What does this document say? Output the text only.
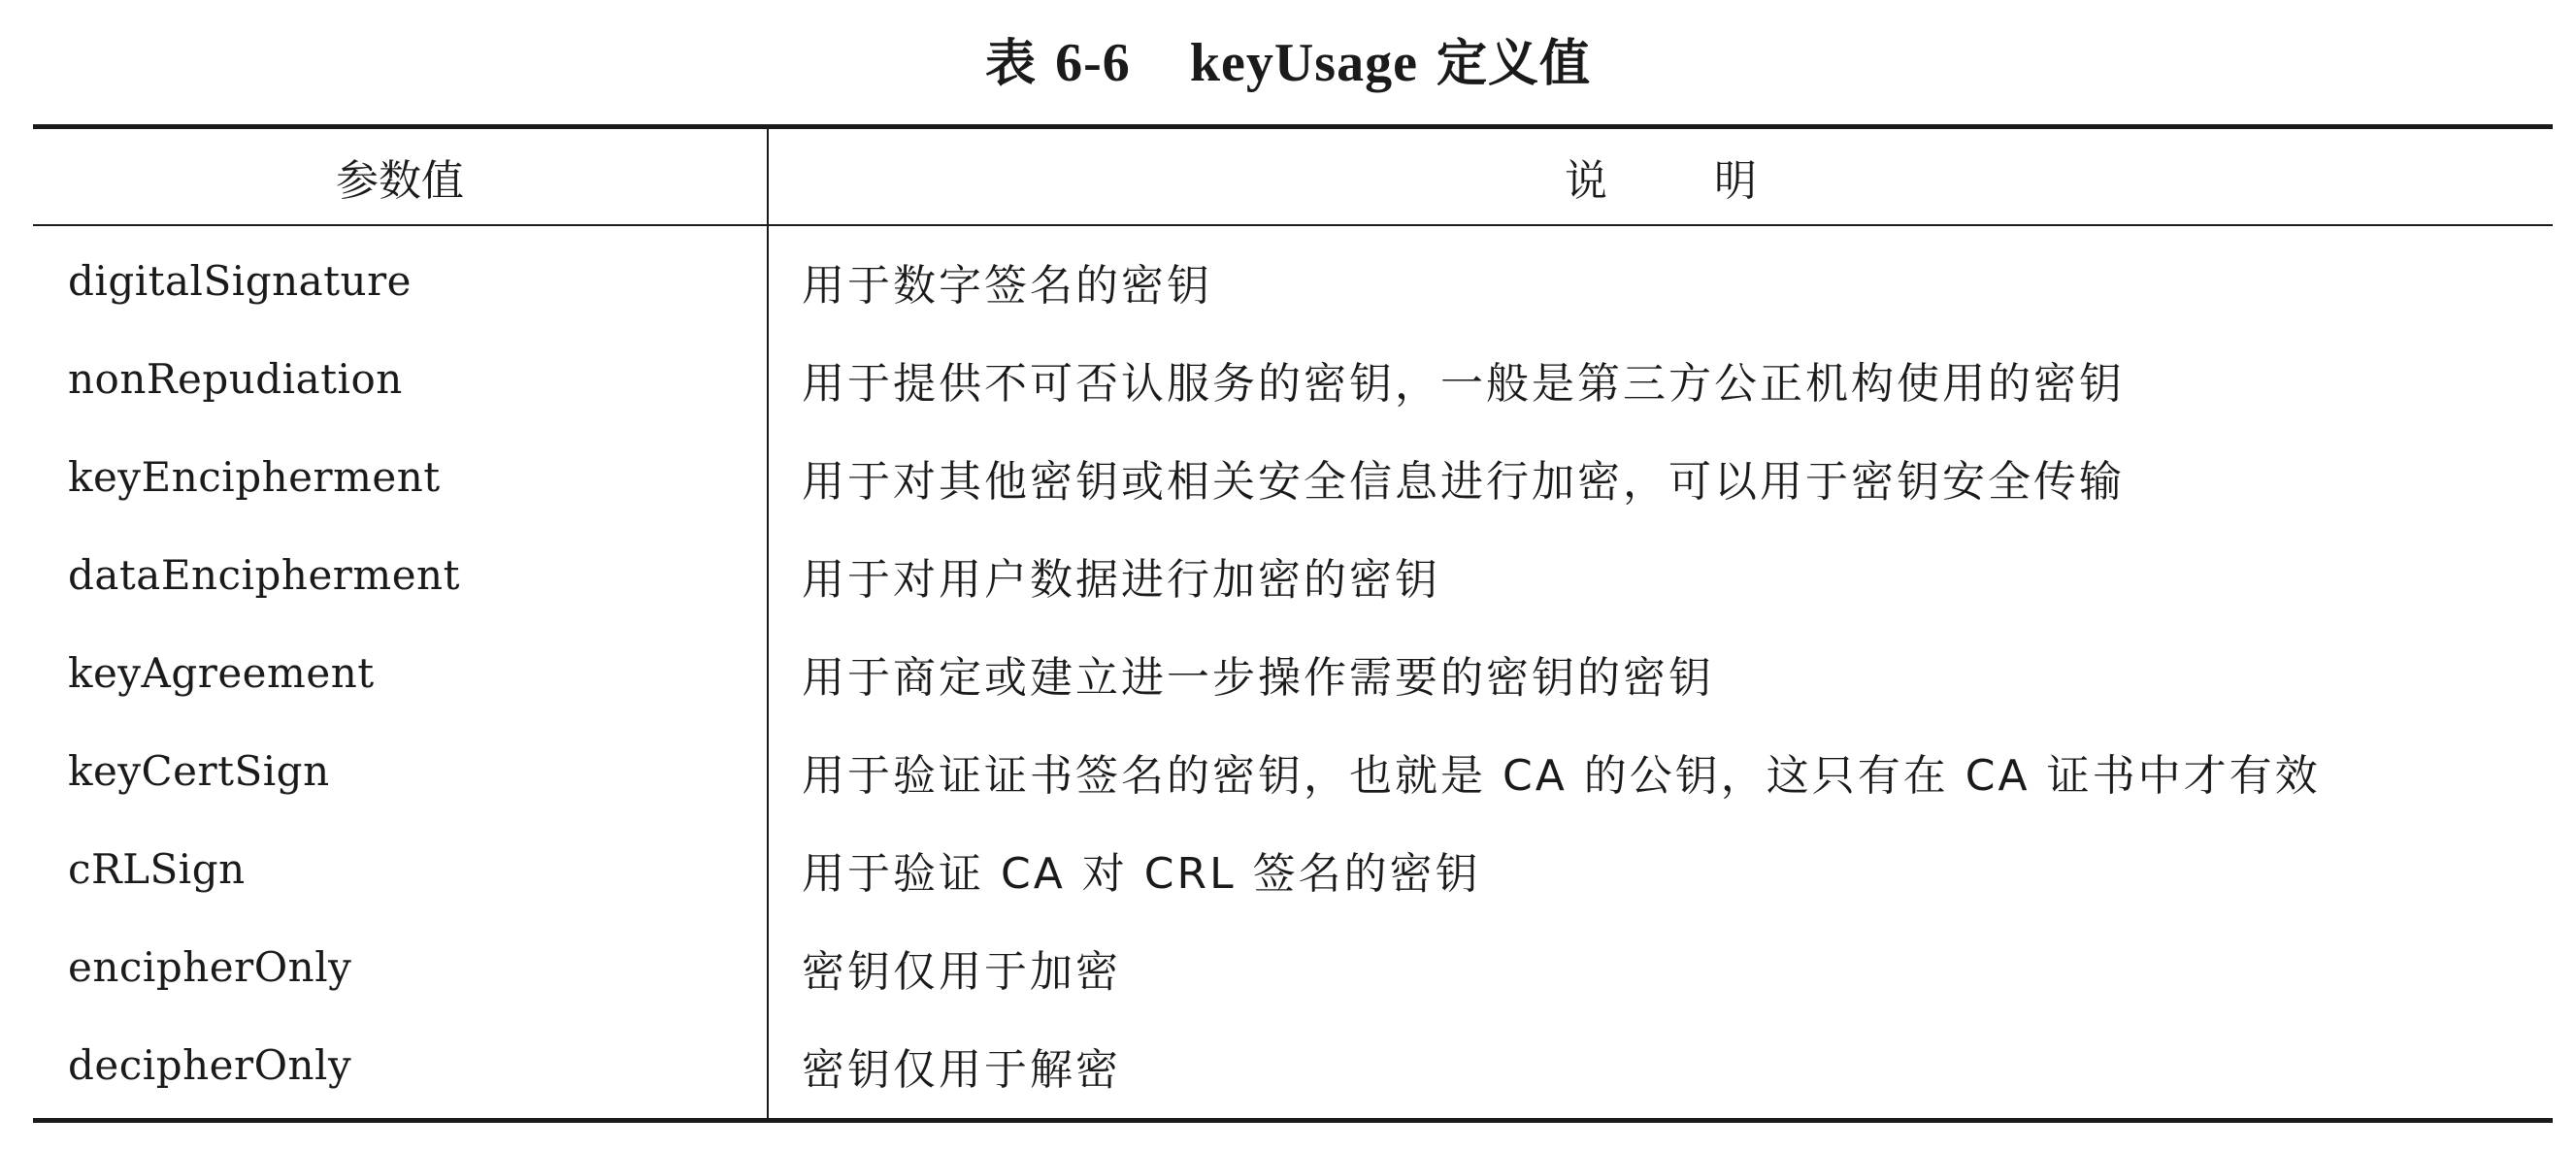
表 6-6 keyUsage 定义值
参数值	说明
digitalSignature	用于数字签名的密钥
nonRepudiation	用于提供不可否认服务的密钥，一般是第三方公正机构使用的密钥
keyEncipherment	用于对其他密钥或相关安全信息进行加密，可以用于密钥安全传输
dataEncipherment	用于对用户数据进行加密的密钥
keyAgreement	用于商定或建立进一步操作需要的密钥的密钥
keyCertSign	用于验证证书签名的密钥，也就是 CA 的公钥，这只有在 CA 证书中才有效
cRLSign	用于验证 CA 对 CRL 签名的密钥
encipherOnly	密钥仅用于加密
decipherOnly	密钥仅用于解密
